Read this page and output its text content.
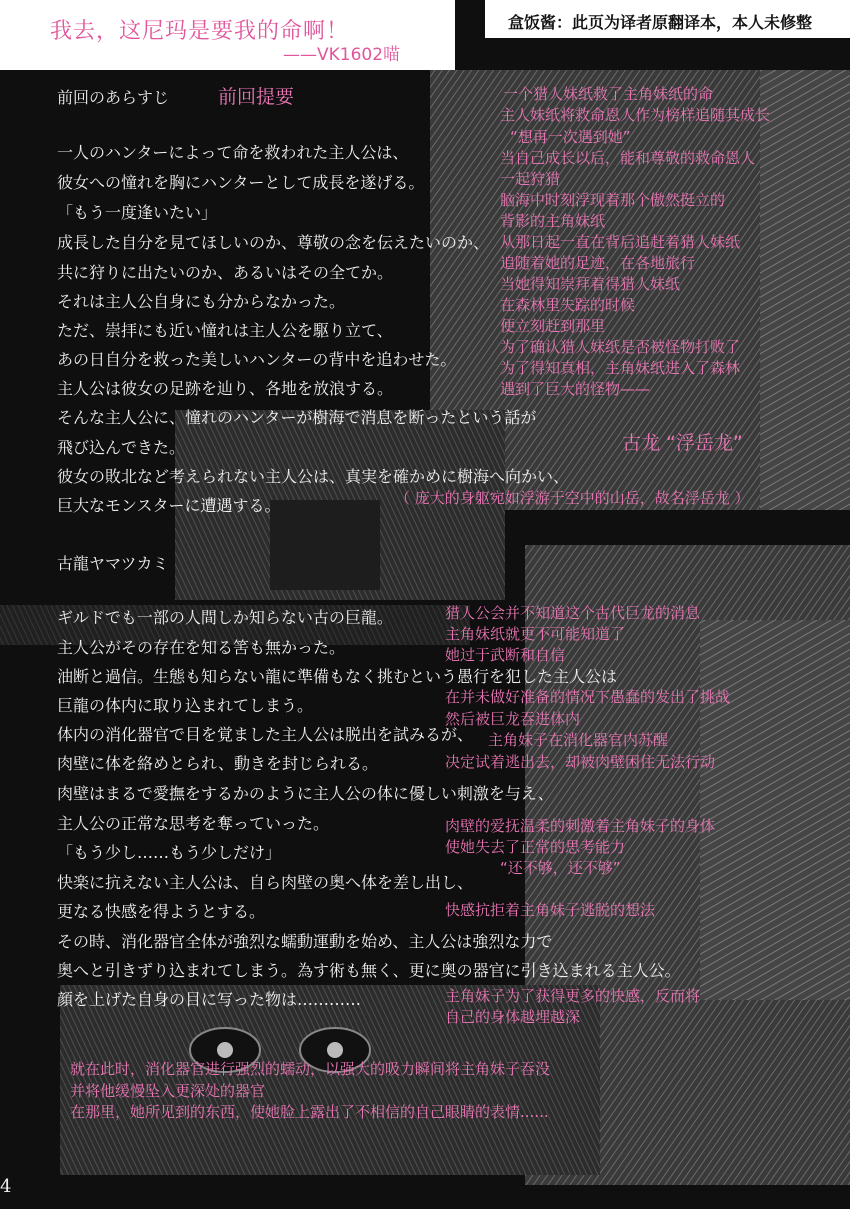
我去，这尼玛是要我的命啊！
——VK1602喵
盒饭酱：此页为译者原翻译本，本人未修整
前回のあらすじ	前回提要
一人のハンターによって命を救われた主人公は、
彼女への憧れを胸にハンターとして成長を遂げる。
「もう一度逢いたい」
成長した自分を見てほしいのか、尊敬の念を伝えたいのか、
共に狩りに出たいのか、あるいはその全てか。
それは主人公自身にも分からなかった。
ただ、崇拝にも近い憧れは主人公を駆り立て、
あの日自分を救った美しいハンターの背中を追わせた。
主人公は彼女の足跡を辿り、各地を放浪する。
そんな主人公に、憧れのハンターが樹海で消息を断ったという話が
飛び込んできた。
彼女の敗北など考えられない主人公は、真実を確かめに樹海へ向かい、
巨大なモンスターに遭遇する。
一个猎人妹纸救了主角妹纸的命
主人妹纸将救命恩人作为榜样追随其成长
“想再一次遇到她”
当自己成长以后，能和尊敬的救命恩人
一起狩猎
脑海中时刻浮现着那个傲然挺立的
背影的主角妹纸
从那日起一直在背后追赶着猎人妹纸
追随着她的足迹，在各地旅行
当她得知崇拜着得猎人妹纸
在森林里失踪的时候
便立刻赶到那里
为了确认猎人妹纸是否被怪物打败了
为了得知真相，主角妹纸进入了森林
遇到了巨大的怪物——
古龙 “浮岳龙”
（ 庞大的身躯宛如浮游于空中的山岳，故名浮岳龙 ）
古龍ヤマツカミ
ギルドでも一部の人間しか知らない古の巨龍。
主人公がその存在を知る筈も無かった。
油断と過信。生態も知らない龍に準備もなく挑むという愚行を犯した主人公は
巨龍の体内に取り込まれてしまう。
体内の消化器官で目を覚ました主人公は脱出を試みるが、
肉壁に体を絡めとられ、動きを封じられる。
肉壁はまるで愛撫をするかのように主人公の体に優しい刺激を与え、
主人公の正常な思考を奪っていった。
「もう少し……もう少しだけ」
快楽に抗えない主人公は、自ら肉壁の奥へ体を差し出し、
更なる快感を得ようとする。
その時、消化器官全体が強烈な蠕動運動を始め、主人公は強烈な力で
奥へと引きずり込まれてしまう。為す術も無く、更に奥の器官に引き込まれる主人公。
顔を上げた自身の目に写った物は…………
猎人公会并不知道这个古代巨龙的消息
主角妹纸就更不可能知道了
她过于武断和自信
在并未做好准备的情况下愚蠢的发出了挑战
然后被巨龙吞进体内
主角妹子在消化器官内苏醒
决定试着逃出去，却被肉壁困住无法行动
肉壁的爱抚温柔的刺激着主角妹子的身体
使她失去了正常的思考能力
“还不够，还不够”
快感抗拒着主角妹子逃脱的想法
主角妹子为了获得更多的快感，反而将
自己的身体越埋越深
就在此时，消化器官进行强烈的蠕动，以强大的吸力瞬间将主角妹子吞没
并将他缓慢坠入更深处的器官
在那里，她所见到的东西，使她脸上露出了不相信的自己眼睛的表情......
4
